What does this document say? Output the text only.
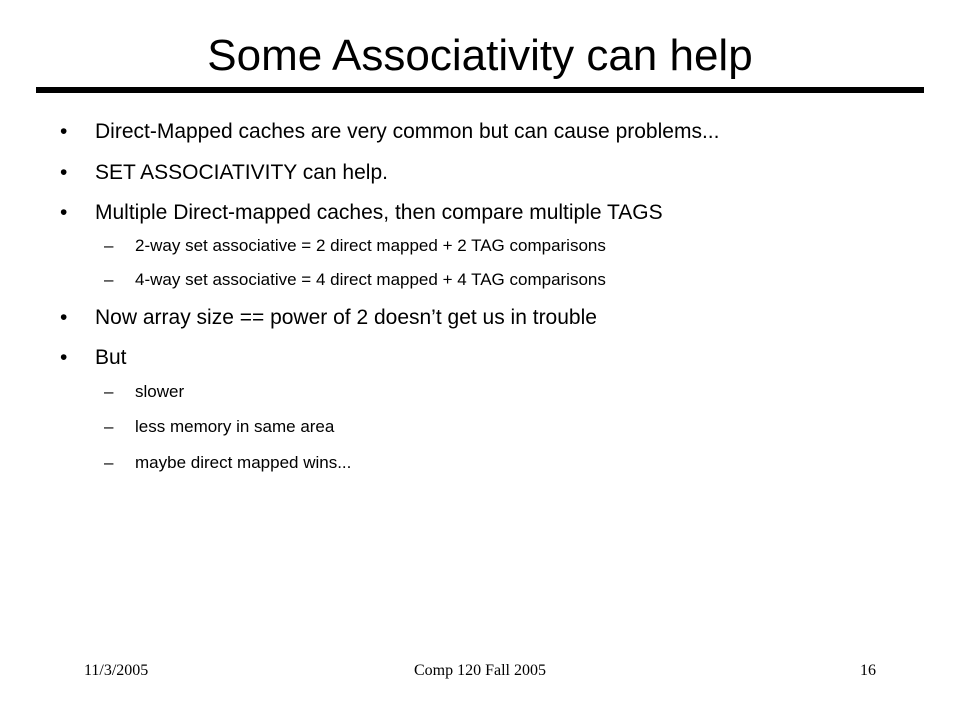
Some Associativity can help
• Direct-Mapped caches are very common but can cause problems...
• SET ASSOCIATIVITY can help.
• Multiple Direct-mapped caches, then compare multiple TAGS
– 2-way set associative = 2 direct mapped + 2 TAG comparisons
– 4-way set associative = 4 direct mapped + 4 TAG comparisons
• Now array size == power of 2 doesn’t get us in trouble
• But
– slower
– less memory in same area
– maybe direct mapped wins...
11/3/2005	Comp 120 Fall 2005	16
